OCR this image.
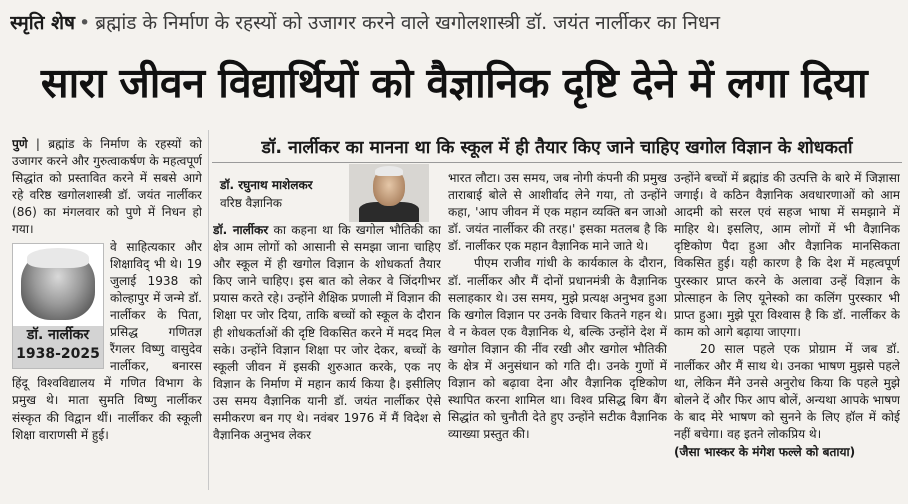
स्मृति शेष • ब्रह्मांड के निर्माण के रहस्यों को उजागर करने वाले खगोलशास्त्री डॉ. जयंत नार्लीकर का निधन
सारा जीवन विद्यार्थियों को वैज्ञानिक दृष्टि देने में लगा दिया

पुणे | ब्रह्मांड के निर्माण के रहस्यों को उजागर करने और गुरुत्वाकर्षण के महत्वपूर्ण सिद्धांत को प्रस्तावित करने में सबसे आगे रहे वरिष्ठ खगोलशास्त्री डॉ. जयंत नार्लीकर (86) का मंगलवार को पुणे में निधन हो गया।

डॉ. नार्लीकर
1938-2025
वे साहित्यकार और शिक्षाविद् भी थे। 19 जुलाई 1938 को कोल्हापुर में जन्मे डॉ. नार्लीकर के पिता, प्रसिद्ध गणितज्ञ रैंगलर विष्णु वासुदेव नार्लीकर, बनारस हिंदू विश्वविद्यालय में गणित विभाग के प्रमुख थे। माता सुमति विष्णु नार्लीकर संस्कृत की विद्वान थीं। नार्लीकर की स्कूली शिक्षा वाराणसी में हुई।
डॉ. नार्लीकर का मानना था कि स्कूल में ही तैयार किए जाने चाहिए खगोल विज्ञान के शोधकर्ता
डॉ. रघुनाथ माशेलकर
वरिष्ठ वैज्ञानिक
डॉ. नार्लीकर का कहना था कि खगोल भौतिकी का क्षेत्र आम लोगों को आसानी से समझा जाना चाहिए और स्कूल में ही खगोल विज्ञान के शोधकर्ता तैयार किए जाने चाहिए। इस बात को लेकर वे जिंदगीभर प्रयास करते रहे। उन्होंने शैक्षिक प्रणाली में विज्ञान की शिक्षा पर जोर दिया, ताकि बच्चों को स्कूल के दौरान ही शोधकर्ताओं की दृष्टि विकसित करने में मदद मिल सके। उन्होंने विज्ञान शिक्षा पर जोर देकर, बच्चों के स्कूली जीवन में इसकी शुरुआत करके, एक नए विज्ञान के निर्माण में महान कार्य किया है। इसीलिए उस समय वैज्ञानिक यानी डॉ. जयंत नार्लीकर ऐसे समीकरण बन गए थे। नवंबर 1976 में मैं विदेश से वैज्ञानिक अनुभव लेकर

भारत लौटा। उस समय, जब नोगी कंपनी की प्रमुख ताराबाई बोले से आशीर्वाद लेने गया, तो उन्होंने कहा, 'आप जीवन में एक महान व्यक्ति बन जाओ डॉ. जयंत नार्लीकर की तरह।' इसका मतलब है कि डॉ. नार्लीकर एक महान वैज्ञानिक माने जाते थे।

पीएम राजीव गांधी के कार्यकाल के दौरान, डॉ. नार्लीकर और मैं दोनों प्रधानमंत्री के वैज्ञानिक सलाहकार थे। उस समय, मुझे प्रत्यक्ष अनुभव हुआ कि खगोल विज्ञान पर उनके विचार कितने गहन थे। वे न केवल एक वैज्ञानिक थे, बल्कि उन्होंने देश में खगोल विज्ञान की नींव रखी और खगोल भौतिकी के क्षेत्र में अनुसंधान को गति दी। उनके गुणों में विज्ञान को बढ़ावा देना और वैज्ञानिक दृष्टिकोण स्थापित करना शामिल था। विश्व प्रसिद्ध बिग बैंग सिद्धांत को चुनौती देते हुए उन्होंने सटीक वैज्ञानिक व्याख्या प्रस्तुत की।

उन्होंने बच्चों में ब्रह्मांड की उत्पत्ति के बारे में जिज्ञासा जगाई। वे कठिन वैज्ञानिक अवधारणाओं को आम आदमी को सरल एवं सहज भाषा में समझाने में माहिर थे। इसलिए, आम लोगों में भी वैज्ञानिक दृष्टिकोण पैदा हुआ और वैज्ञानिक मानसिकता विकसित हुई। यही कारण है कि देश में महत्वपूर्ण पुरस्कार प्राप्त करने के अलावा उन्हें विज्ञान के प्रोत्साहन के लिए यूनेस्को का कलिंग पुरस्कार भी प्राप्त हुआ। मुझे पूरा विश्वास है कि डॉ. नार्लीकर के काम को आगे बढ़ाया जाएगा।

20 साल पहले एक प्रोग्राम में जब डॉ. नार्लीकर और मैं साथ थे। उनका भाषण मुझसे पहले था, लेकिन मैंने उनसे अनुरोध किया कि पहले मुझे बोलने दें और फिर आप बोलें, अन्यथा आपके भाषण के बाद मेरे भाषण को सुनने के लिए हॉल में कोई नहीं बचेगा। वह इतने लोकप्रिय थे।

(जैसा भास्कर के मंगेश फल्ले को बताया)
